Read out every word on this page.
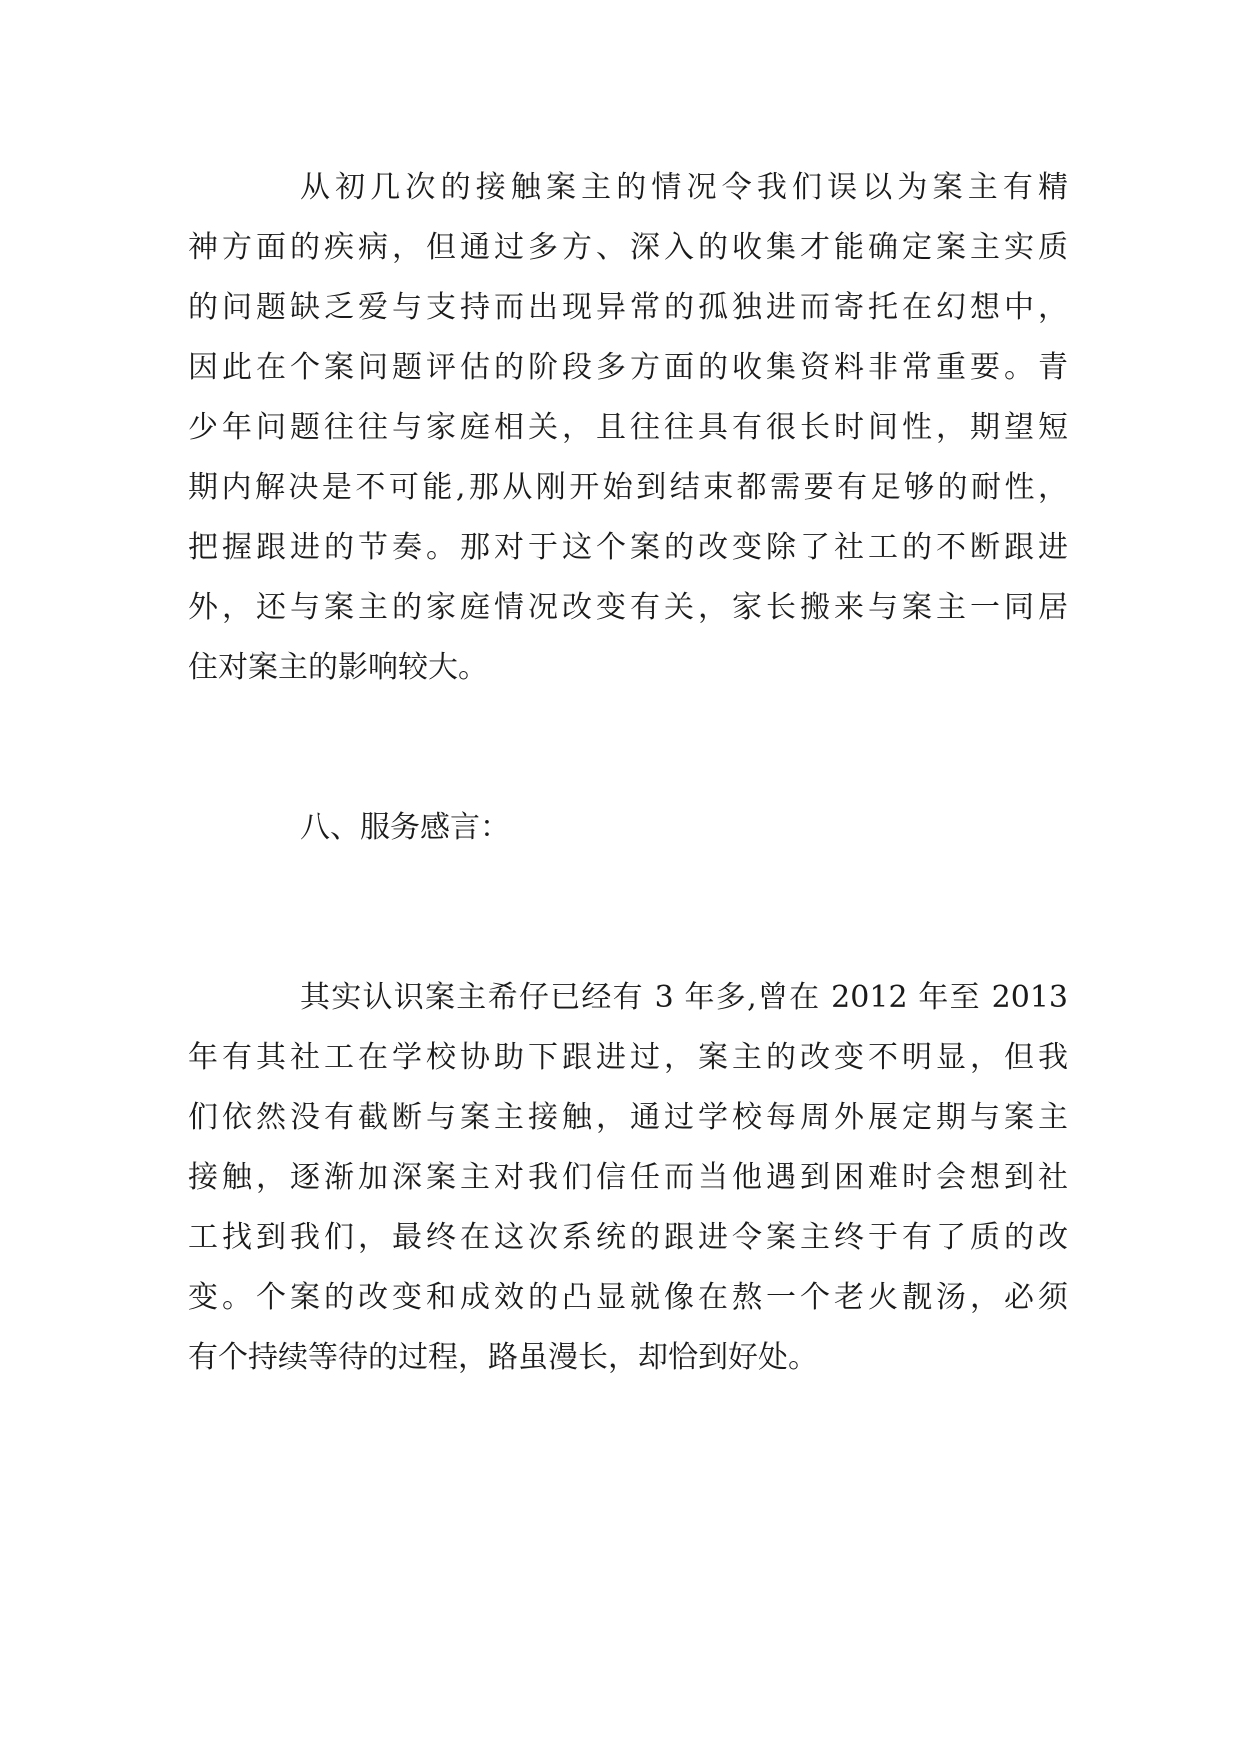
从初几次的接触案主的情况令我们误以为案主有精
神方面的疾病，但通过多方、深入的收集才能确定案主实质
的问题缺乏爱与支持而出现异常的孤独进而寄托在幻想中，
因此在个案问题评估的阶段多方面的收集资料非常重要。青
少年问题往往与家庭相关，且往往具有很长时间性，期望短
期内解决是不可能,那从刚开始到结束都需要有足够的耐性，
把握跟进的节奏。那对于这个案的改变除了社工的不断跟进
外，还与案主的家庭情况改变有关，家长搬来与案主一同居
住对案主的影响较大。
八、服务感言：
其实认识案主希仔已经有 3 年多,曾在 2012 年至 2013
年有其社工在学校协助下跟进过，案主的改变不明显，但我
们依然没有截断与案主接触，通过学校每周外展定期与案主
接触，逐渐加深案主对我们信任而当他遇到困难时会想到社
工找到我们，最终在这次系统的跟进令案主终于有了质的改
变。个案的改变和成效的凸显就像在熬一个老火靓汤，必须
有个持续等待的过程，路虽漫长，却恰到好处。
